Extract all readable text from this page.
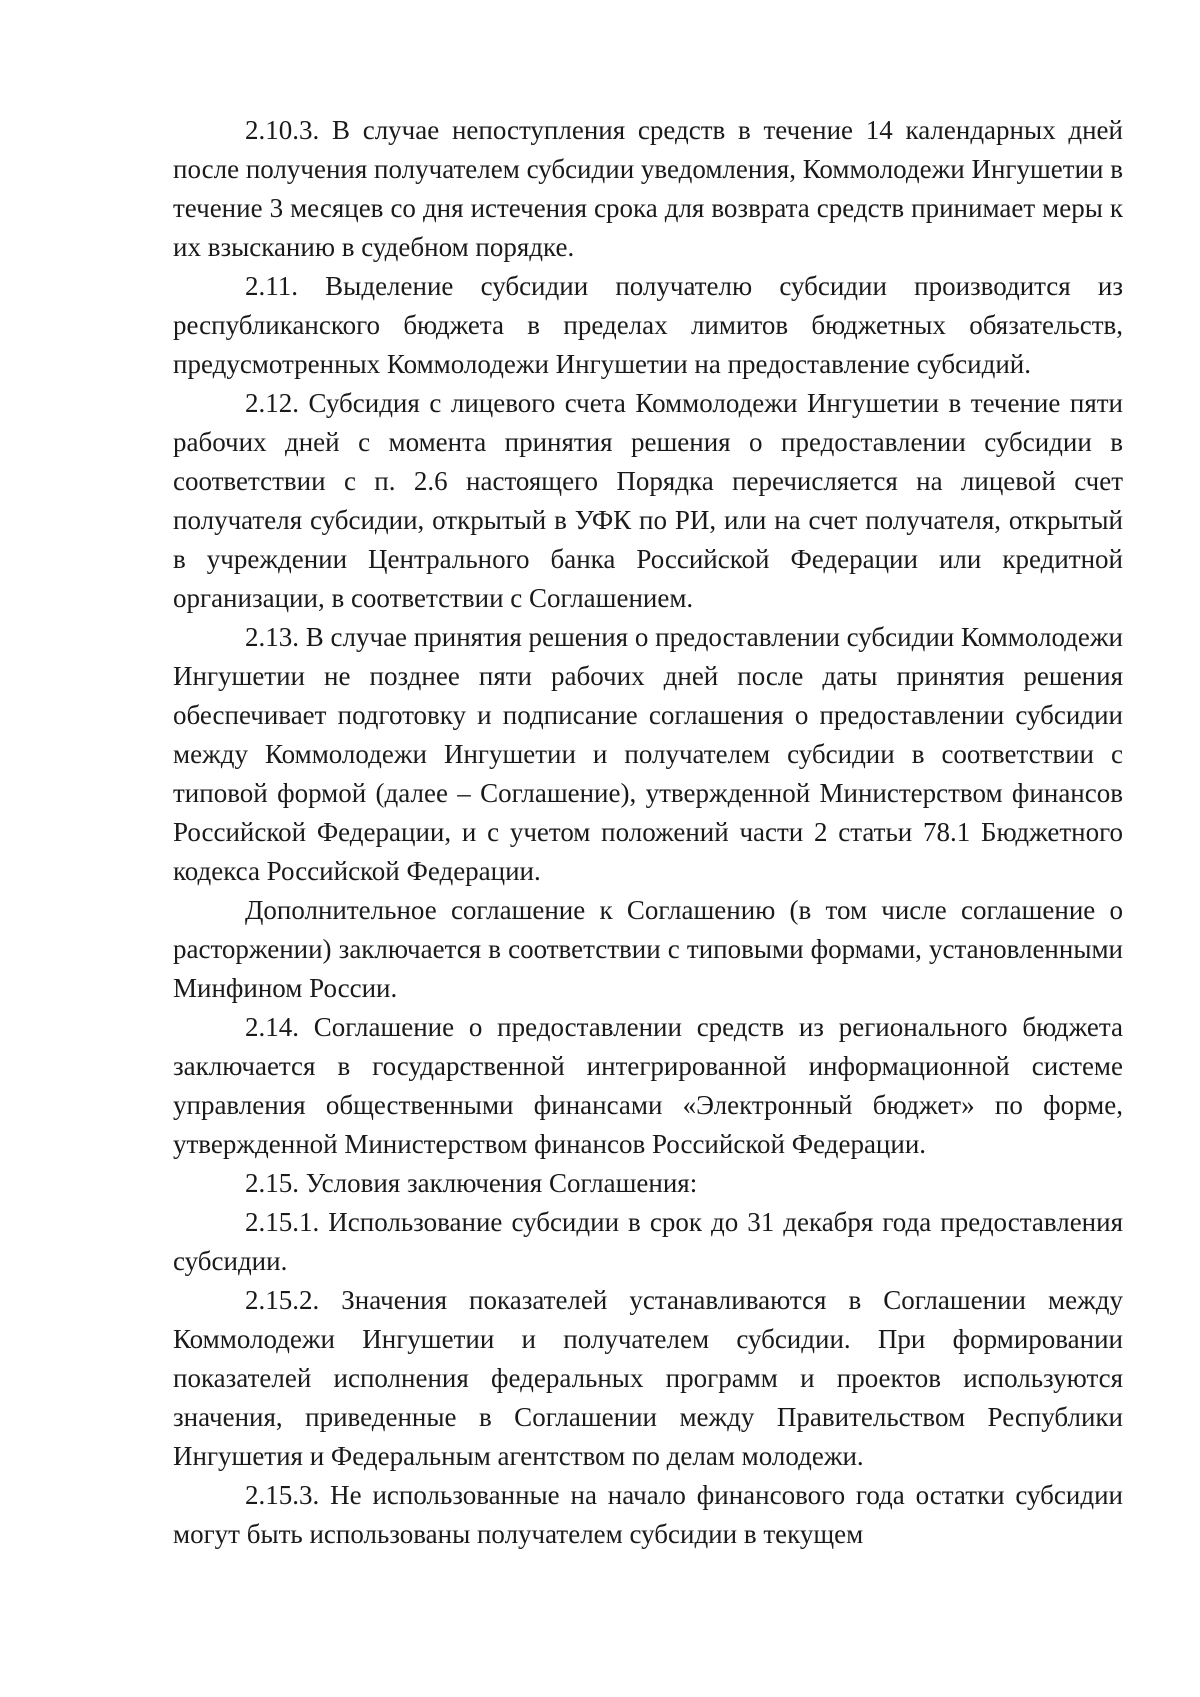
2.10.3. В случае непоступления средств в течение 14 календарных дней после получения получателем субсидии уведомления, Коммолодежи Ингушетии в течение 3 месяцев со дня истечения срока для возврата средств принимает меры к их взысканию в судебном порядке.

2.11. Выделение субсидии получателю субсидии производится из республиканского бюджета в пределах лимитов бюджетных обязательств, предусмотренных Коммолодежи Ингушетии на предоставление субсидий.

2.12. Субсидия с лицевого счета Коммолодежи Ингушетии в течение пяти рабочих дней с момента принятия решения о предоставлении субсидии в соответствии с п. 2.6 настоящего Порядка перечисляется на лицевой счет получателя субсидии, открытый в УФК по РИ, или на счет получателя, открытый в учреждении Центрального банка Российской Федерации или кредитной организации, в соответствии с Соглашением.

2.13. В случае принятия решения о предоставлении субсидии Коммолодежи Ингушетии не позднее пяти рабочих дней после даты принятия решения обеспечивает подготовку и подписание соглашения о предоставлении субсидии между Коммолодежи Ингушетии и получателем субсидии в соответствии с типовой формой (далее – Соглашение), утвержденной Министерством финансов Российской Федерации, и с учетом положений части 2 статьи 78.1 Бюджетного кодекса Российской Федерации.

Дополнительное соглашение к Соглашению (в том числе соглашение о расторжении) заключается в соответствии с типовыми формами, установленными Минфином России.

2.14. Соглашение о предоставлении средств из регионального бюджета заключается в государственной интегрированной информационной системе управления общественными финансами «Электронный бюджет» по форме, утвержденной Министерством финансов Российской Федерации.

2.15. Условия заключения Соглашения:

2.15.1. Использование субсидии в срок до 31 декабря года предоставления субсидии.

2.15.2. Значения показателей устанавливаются в Соглашении между Коммолодежи Ингушетии и получателем субсидии. При формировании показателей исполнения федеральных программ и проектов используются значения, приведенные в Соглашении между Правительством Республики Ингушетия и Федеральным агентством по делам молодежи.

2.15.3. Не использованные на начало финансового года остатки субсидии могут быть использованы получателем субсидии в текущем
